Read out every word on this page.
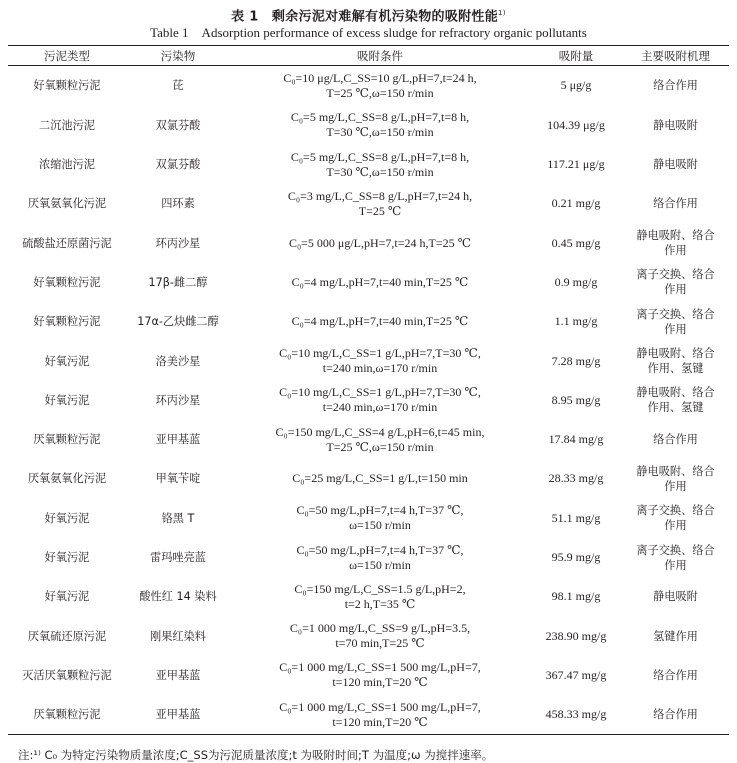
表 1　剩余污泥对难解有机污染物的吸附性能$^{1)}$
Table 1　Adsorption performance of excess sludge for refractory organic pollutants
污泥类型	污染物	吸附条件	吸附量	主要吸附机理
好氧颗粒污泥	芘	C₀=10 μg/L,C_SS=10 g/L,pH=7,t=24 h,
T=25 ℃,ω=150 r/min	5 μg/g	络合作用
二沉池污泥	双氯芬酸	C₀=5 mg/L,C_SS=8 g/L,pH=7,t=8 h,
T=30 ℃,ω=150 r/min	104.39 μg/g	静电吸附
浓缩池污泥	双氯芬酸	C₀=5 mg/L,C_SS=8 g/L,pH=7,t=8 h,
T=30 ℃,ω=150 r/min	117.21 μg/g	静电吸附
厌氧氨氧化污泥	四环素	C₀=3 mg/L,C_SS=8 g/L,pH=7,t=24 h,
T=25 ℃	0.21 mg/g	络合作用
硫酸盐还原菌污泥	环丙沙星	C₀=5 000 μg/L,pH=7,t=24 h,T=25 ℃	0.45 mg/g	静电吸附、络合作用
好氧颗粒污泥	17β-雌二醇	C₀=4 mg/L,pH=7,t=40 min,T=25 ℃	0.9 mg/g	离子交换、络合作用
好氧颗粒污泥	17α-乙炔雌二醇	C₀=4 mg/L,pH=7,t=40 min,T=25 ℃	1.1 mg/g	离子交换、络合作用
好氧污泥	洛美沙星	C₀=10 mg/L,C_SS=1 g/L,pH=7,T=30 ℃,
t=240 min,ω=170 r/min	7.28 mg/g	静电吸附、络合作用、氢键
好氧污泥	环丙沙星	C₀=10 mg/L,C_SS=1 g/L,pH=7,T=30 ℃,
t=240 min,ω=170 r/min	8.95 mg/g	静电吸附、络合作用、氢键
厌氧颗粒污泥	亚甲基蓝	C₀=150 mg/L,C_SS=4 g/L,pH=6,t=45 min,
T=25 ℃,ω=150 r/min	17.84 mg/g	络合作用
厌氧氨氧化污泥	甲氧苄啶	C₀=25 mg/L,C_SS=1 g/L,t=150 min	28.33 mg/g	静电吸附、络合作用
好氧污泥	铬黑 T	C₀=50 mg/L,pH=7,t=4 h,T=37 ℃,
ω=150 r/min	51.1 mg/g	离子交换、络合作用
好氧污泥	雷玛唑亮蓝	C₀=50 mg/L,pH=7,t=4 h,T=37 ℃,
ω=150 r/min	95.9 mg/g	离子交换、络合作用
好氧污泥	酸性红 14 染料	C₀=150 mg/L,C_SS=1.5 g/L,pH=2,
t=2 h,T=35 ℃	98.1 mg/g	静电吸附
厌氧硫还原污泥	刚果红染料	C₀=1 000 mg/L,C_SS=9 g/L,pH=3.5,
t=70 min,T=25 ℃	238.90 mg/g	氢键作用
灭活厌氧颗粒污泥	亚甲基蓝	C₀=1 000 mg/L,C_SS=1 500 mg/L,pH=7,
t=120 min,T=20 ℃	367.47 mg/g	络合作用
厌氧颗粒污泥	亚甲基蓝	C₀=1 000 mg/L,C_SS=1 500 mg/L,pH=7,
t=120 min,T=20 ℃	458.33 mg/g	络合作用
注:¹⁾ C₀ 为特定污染物质量浓度;C_SS为污泥质量浓度;t 为吸附时间;T 为温度;ω 为搅拌速率。
